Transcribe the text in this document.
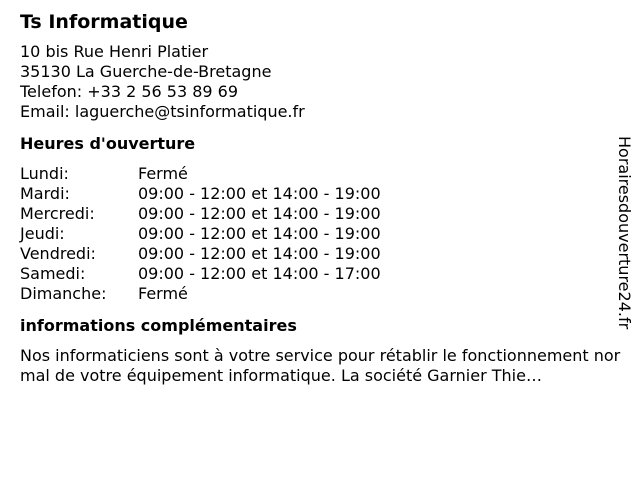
Ts Informatique
10 bis Rue Henri Platier
35130 La Guerche-de-Bretagne
Telefon: +33 2 56 53 89 69
Email: laguerche@tsinformatique.fr
Heures d'ouverture
Lundi:	Fermé
Mardi:	09:00 - 12:00 et 14:00 - 19:00
Mercredi:	09:00 - 12:00 et 14:00 - 19:00
Jeudi:	09:00 - 12:00 et 14:00 - 19:00
Vendredi:	09:00 - 12:00 et 14:00 - 19:00
Samedi:	09:00 - 12:00 et 14:00 - 17:00
Dimanche:	Fermé
informations complémentaires

Nos informaticiens sont à votre service pour rétablir le fonctionnement normal de votre équipement informatique. La société Garnier Thie…

Horairesdouverture24.fr
